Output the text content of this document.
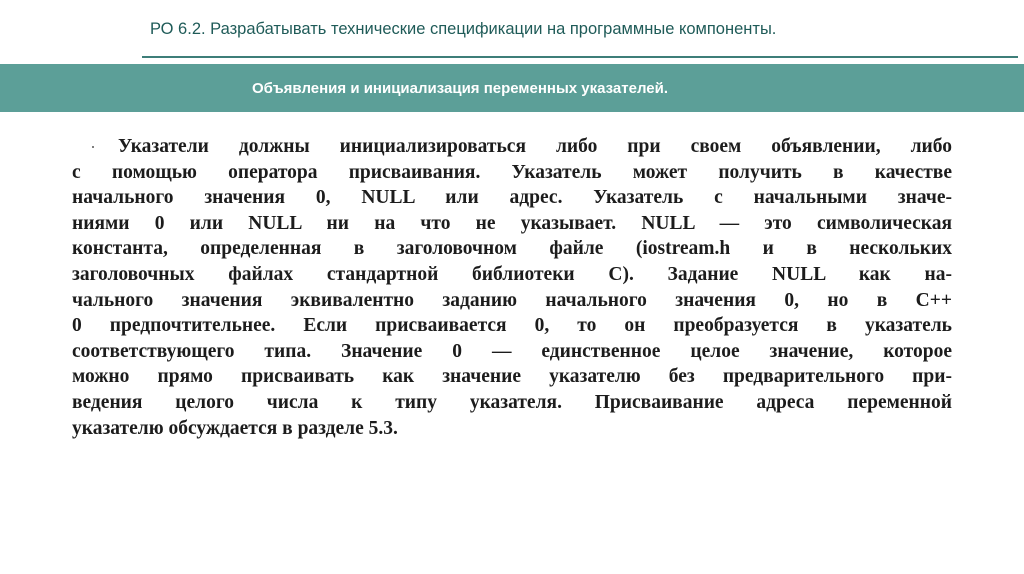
РО 6.2. Разрабатывать технические спецификации на программные компоненты.
Объявления и инициализация переменных указателей.
Указатели должны инициализироваться либо при своем объявлении, либо
с помощью оператора присваивания. Указатель может получить в качестве
начального значения 0, NULL или адрес. Указатель с начальными значе-
ниями 0 или NULL ни на что не указывает. NULL — это символическая
константа, определенная в заголовочном файле (iostream.h и в нескольких
заголовочных файлах стандартной библиотеки С). Задание NULL как на-
чального значения эквивалентно заданию начального значения 0, но в С++
0 предпочтительнее. Если присваивается 0, то он преобразуется в указатель
соответствующего типа. Значение 0 — единственное целое значение, которое
можно прямо присваивать как значение указателю без предварительного при-
ведения целого числа к типу указателя. Присваивание адреса переменной
указателю обсуждается в разделе 5.3.
